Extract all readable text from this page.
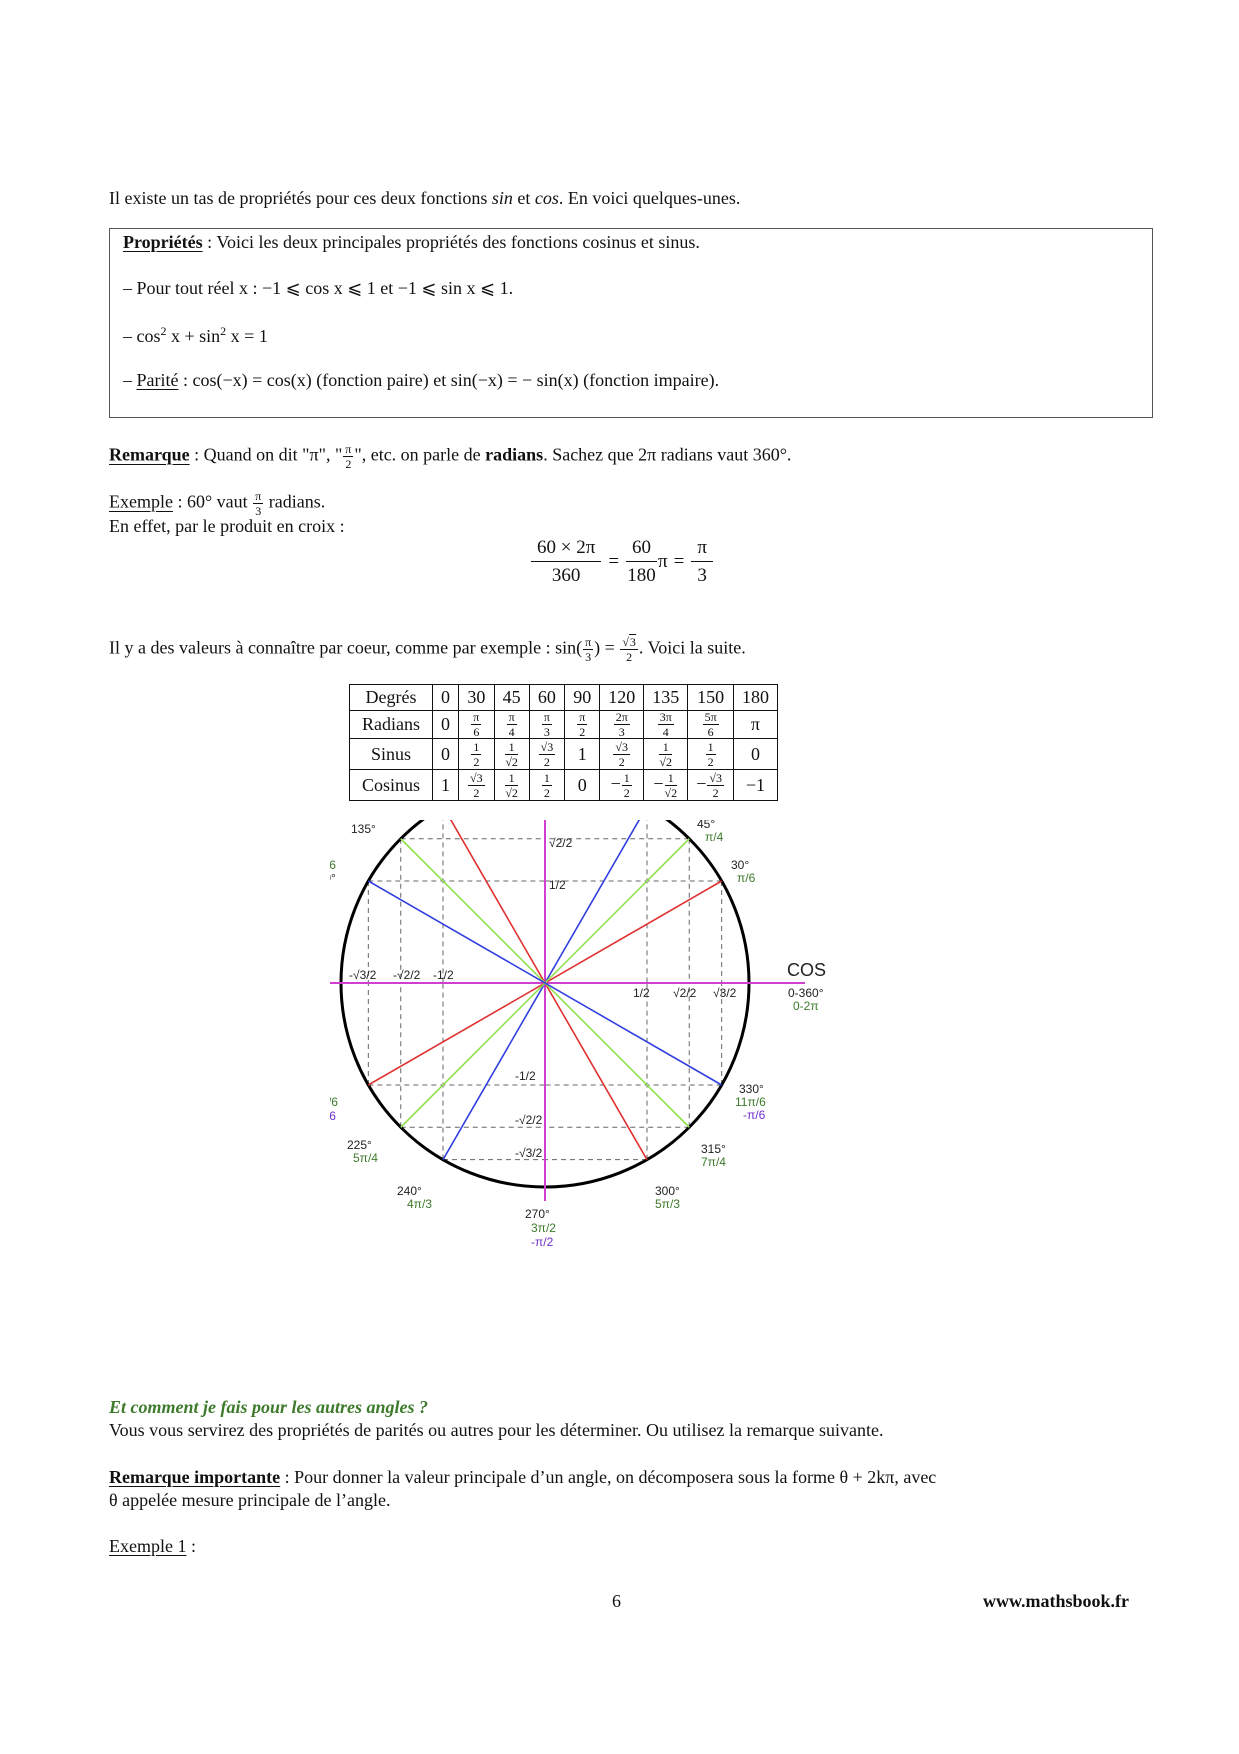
Il existe un tas de propriétés pour ces deux fonctions sin et cos. En voici quelques-unes.
Propriétés : Voici les deux principales propriétés des fonctions cosinus et sinus.
– Pour tout réel x : −1 ⩽ cos x ⩽ 1 et −1 ⩽ sin x ⩽ 1.
– $\cos^2 x + \sin^2 x = 1$
– Parité : cos(−x) = cos(x) (fonction paire) et sin(−x) = − sin(x) (fonction impaire).
Remarque : Quand on dit "π", " $\frac{\pi}{2}$ ", etc. on parle de radians. Sachez que 2π radians vaut 360°.
Exemple : 60° vaut $\frac{\pi}{3}$ radians.
En effet, par le produit en croix :
$\frac{60 \times 2\pi}{360} = \frac{60}{180}$ $\pi = \frac{\pi}{3}$
Il y a des valeurs à connaître par coeur, comme par exemple : $\sin( \frac{\pi}{3}$ ) = $\frac{√3}{2}$ . Voici la suite.
Degrés	0	30	45	60	90	120	135	150	180
Radians	0	$\frac{\pi}{6}$	$\frac{\pi}{4}$	$\frac{\pi}{3}$	$\frac{\pi}{2}$	$\frac{2\pi}{3}$	$\frac{3\pi}{4}$	$\frac{5\pi}{6}$	π
Sinus	0	$\frac{1}{2}$	$\frac{1}{√2}$	$\frac{√3}{2}$	1	$\frac{√3}{2}$	$\frac{1}{√2}$	$\frac{1}{2}$	0
Cosinus	1	$\frac{√3}{2}$	$\frac{1}{√2}$	$\frac{1}{2}$	0	− $\frac{1}{2}$	− $\frac{1}{√2}$	− $\frac{√3}{2}$	−1
COS
270°
3π/2
-π/2
0-360°
0-2π
30°
π/6
45°
π/4
135°
6
°
6
6
225°
5π/4
240°
4π/3
300°
5π/3
315°
7π/4
330°
11π/6
-π/6
√2/2
1/2
-1/2
-√2/2
-√3/2
1/2 √2/2 √3/2
-√3/2 -√2/2 -1/2
Et comment je fais pour les autres angles ?
Vous vous servirez des propriétés de parités ou autres pour les déterminer. Ou utilisez la remarque suivante.
Remarque importante : Pour donner la valeur principale d’un angle, on décomposera sous la forme θ + 2kπ, avec
θ appelée mesure principale de l’angle.
Exemple 1 :
6	www.mathsbook.fr
